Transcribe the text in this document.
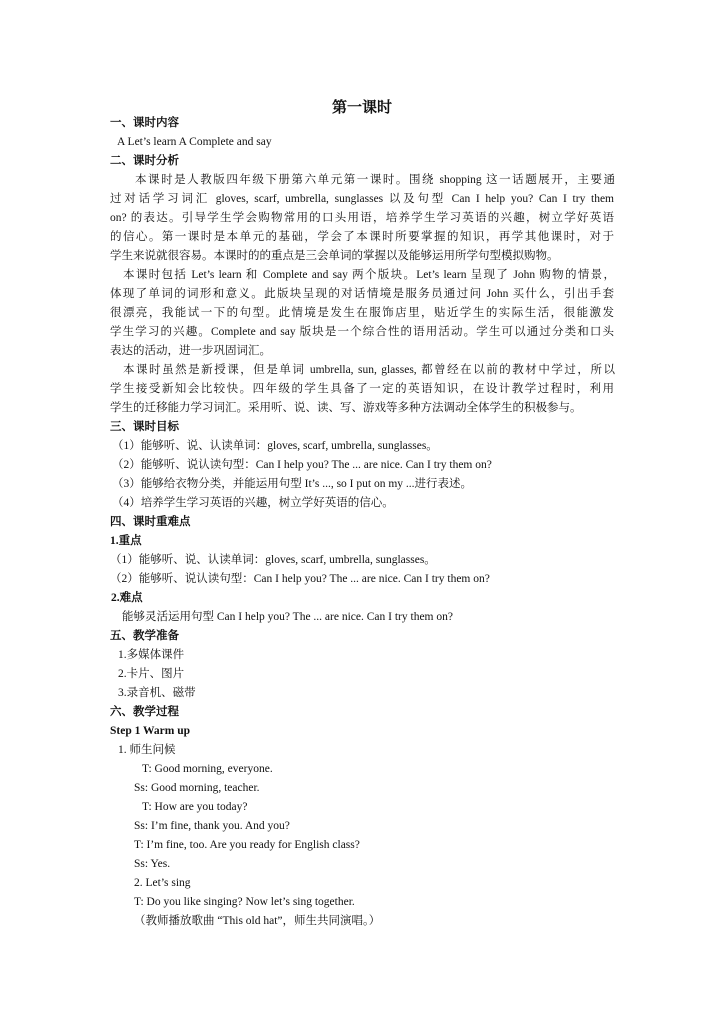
第一课时
一、课时内容
A Let’s learn A Complete and say
二、课时分析
本课时是人教版四年级下册第六单元第一课时。围绕 shopping 这一话题展开，主要通
过对话学习词汇 gloves, scarf, umbrella, sunglasses 以及句型 Can I help you? Can I try them
on? 的表达。引导学生学会购物常用的口头用语，培养学生学习英语的兴趣，树立学好英语
的信心。第一课时是本单元的基础，学会了本课时所要掌握的知识，再学其他课时，对于
学生来说就很容易。本课时的的重点是三会单词的掌握以及能够运用所学句型模拟购物。
本课时包括 Let’s learn 和 Complete and say 两个版块。Let’s learn 呈现了 John 购物的情景，
体现了单词的词形和意义。此版块呈现的对话情境是服务员通过问 John 买什么，引出手套
很漂亮，我能试一下的句型。此情境是发生在服饰店里，贴近学生的实际生活，很能激发
学生学习的兴趣。Complete and say 版块是一个综合性的语用活动。学生可以通过分类和口头
表达的活动，进一步巩固词汇。
本课时虽然是新授课，但是单词 umbrella, sun, glasses, 都曾经在以前的教材中学过，所以
学生接受新知会比较快。四年级的学生具备了一定的英语知识，在设计教学过程时，利用
学生的迁移能力学习词汇。采用听、说、读、写、游戏等多种方法调动全体学生的积极参与。
三、课时目标
（1）能够听、说、认读单词：gloves, scarf, umbrella, sunglasses。
（2）能够听、说认读句型：Can I help you? The ... are nice. Can I try them on?
（3）能够给衣物分类，并能运用句型 It’s ..., so I put on my ...进行表述。
（4）培养学生学习英语的兴趣，树立学好英语的信心。
四、课时重难点
1.重点
（1）能够听、说、认读单词：gloves, scarf, umbrella, sunglasses。
（2）能够听、说认读句型：Can I help you? The ... are nice. Can I try them on?
2.难点
能够灵活运用句型 Can I help you? The ... are nice. Can I try them on?
五、教学准备
1.多媒体课件
2.卡片、图片
3.录音机、磁带
六、教学过程
Step 1 Warm up
1. 师生问候
T: Good morning, everyone.
Ss: Good morning, teacher.
T: How are you today?
Ss: I’m fine, thank you. And you?
T: I’m fine, too. Are you ready for English class?
Ss: Yes.
2. Let’s sing
T: Do you like singing? Now let’s sing together.
（教师播放歌曲 “This old hat”，师生共同演唱。）
